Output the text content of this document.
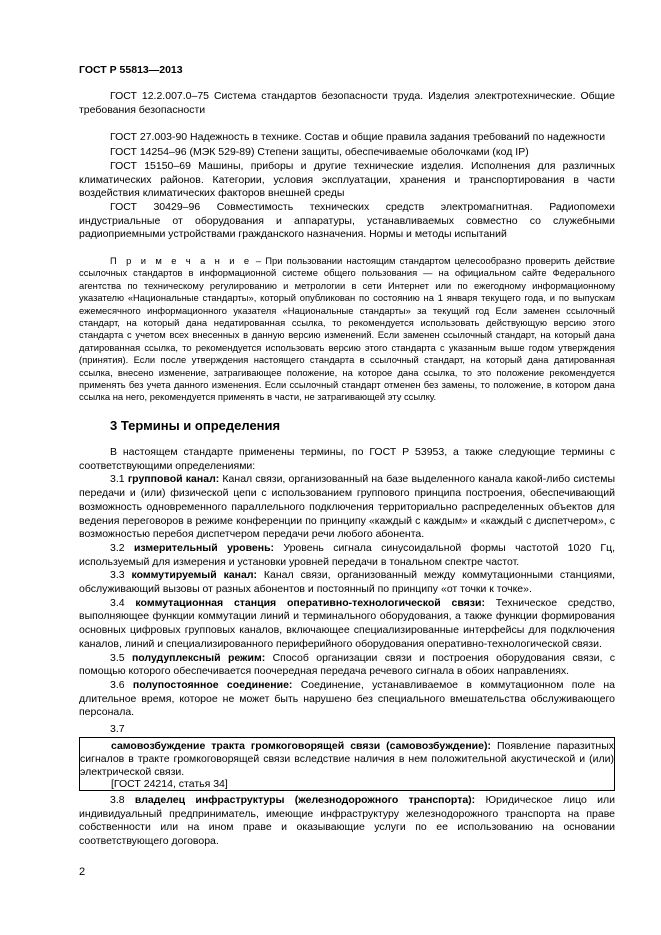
ГОСТ Р 55813—2013

ГОСТ 12.2.007.0–75 Система стандартов безопасности труда. Изделия электротехнические. Общие требования безопасности

ГОСТ 27.003-90 Надежность в технике. Состав и общие правила задания требований по надежности

ГОСТ 14254–96 (МЭК 529-89) Степени защиты, обеспечиваемые оболочками (код IP)

ГОСТ 15150–69 Машины, приборы и другие технические изделия. Исполнения для различных климатических районов. Категории, условия эксплуатации, хранения и транспортирования в части воздействия климатических факторов внешней среды

ГОСТ 30429–96 Совместимость технических средств электромагнитная. Радиопомехи индустриальные от оборудования и аппаратуры, устанавливаемых совместно со служебными радиоприемными устройствами гражданского назначения. Нормы и методы испытаний

П р и м е ч а н и е – При пользовании настоящим стандартом целесообразно проверить действие ссылочных стандартов в информационной системе общего пользования — на официальном сайте Федерального агентства по техническому регулированию и метрологии в сети Интернет или по ежегодному информационному указателю «Национальные стандарты», который опубликован по состоянию на 1 января текущего года, и по выпускам ежемесячного информационного указателя «Национальные стандарты» за текущий год Если заменен ссылочный стандарт, на который дана недатированная ссылка, то рекомендуется использовать действующую версию этого стандарта с учетом всех внесенных в данную версию изменений. Если заменен ссылочный стандарт, на который дана датированная ссылка, то рекомендуется использовать версию этого стандарта с указанным выше годом утверждения (принятия). Если после утверждения настоящего стандарта в ссылочный стандарт, на который дана датированная ссылка, внесено изменение, затрагивающее положение, на которое дана ссылка, то это положение рекомендуется применять без учета данного изменения. Если ссылочный стандарт отменен без замены, то положение, в котором дана ссылка на него, рекомендуется применять в части, не затрагивающей эту ссылку.

3 Термины и определения

В настоящем стандарте применены термины, по ГОСТ Р 53953, а также следующие термины с соответствующими определениями:

3.1 групповой канал: Канал связи, организованный на базе выделенного канала какой-либо системы передачи и (или) физической цепи с использованием группового принципа построения, обеспечивающий возможность одновременного параллельного подключения территориально распределенных объектов для ведения переговоров в режиме конференции по принципу «каждый с каждым» и «каждый с диспетчером», с возможностью перебоя диспетчером передачи речи любого абонента.

3.2 измерительный уровень: Уровень сигнала синусоидальной формы частотой 1020 Гц, используемый для измерения и установки уровней передачи в тональном спектре частот.

3.3 коммутируемый канал: Канал связи, организованный между коммутационными станциями, обслуживающий вызовы от разных абонентов и постоянный по принципу «от точки к точке».

3.4 коммутационная станция оперативно-технологической связи: Техническое средство, выполняющее функции коммутации линий и терминального оборудования, а также функции формирования основных цифровых групповых каналов, включающее специализированные интерфейсы для подключения каналов, линий и специализированного периферийного оборудования оперативно-технологической связи.

3.5 полудуплексный режим: Способ организации связи и построения оборудования связи, с помощью которого обеспечивается поочередная передача речевого сигнала в обоих направлениях.

3.6 полупостоянное соединение: Соединение, устанавливаемое в коммутационном поле на длительное время, которое не может быть нарушено без специального вмешательства обслуживающего персонала.

3.7

самовозбуждение тракта громкоговорящей связи (самовозбуждение): Появление паразитных сигналов в тракте громкоговорящей связи вследствие наличия в нем положительной акустической и (или) электрической связи.

[ГОСТ 24214, статья 34]

3.8 владелец инфраструктуры (железнодорожного транспорта): Юридическое лицо или индивидуальный предприниматель, имеющие инфраструктуру железнодорожного транспорта на праве собственности или на ином праве и оказывающие услуги по ее использованию на основании соответствующего договора.

2
